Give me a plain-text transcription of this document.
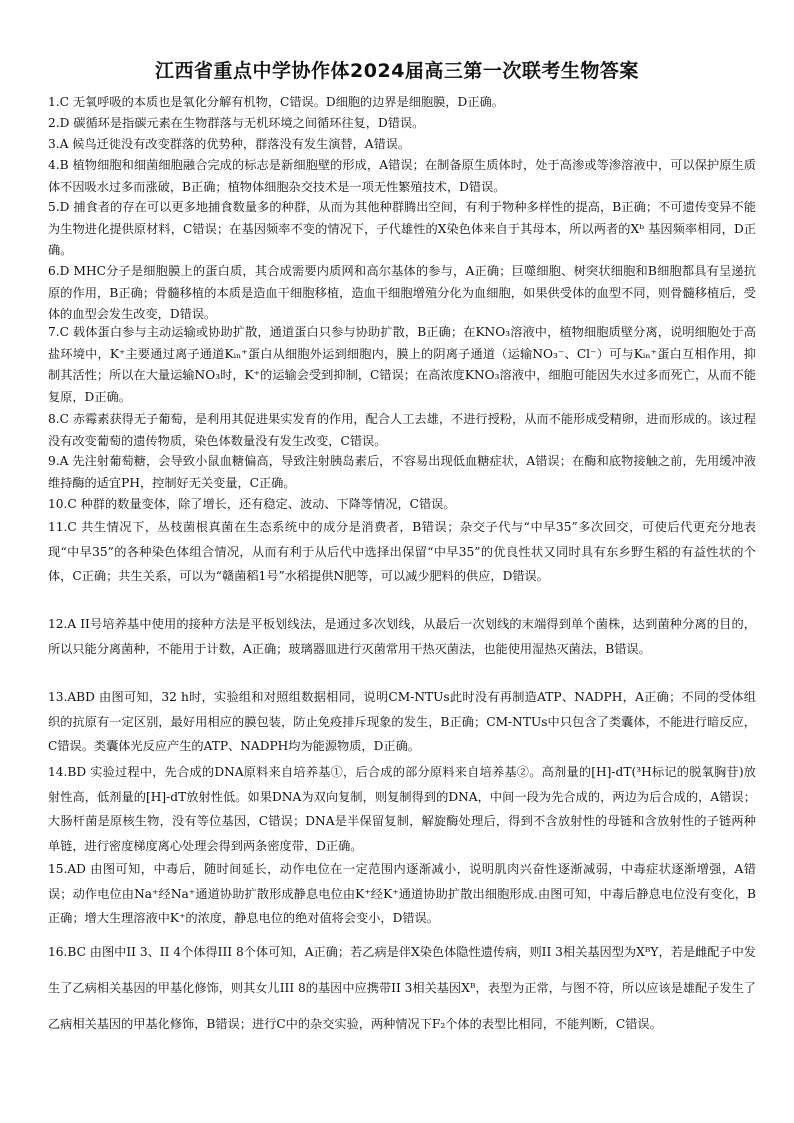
江西省重点中学协作体2024届高三第一次联考生物答案
1.C 无氧呼吸的本质也是氧化分解有机物，C错误。D细胞的边界是细胞膜，D正确。
2.D 碳循环是指碳元素在生物群落与无机环境之间循环往复，D错误。
3.A 候鸟迁徙没有改变群落的优势种，群落没有发生演替，A错误。
4.B 植物细胞和细菌细胞融合完成的标志是新细胞壁的形成，A错误；在制备原生质体时，处于高渗或等渗溶液中，可以保护原生质体不因吸水过多而涨破，B正确；植物体细胞杂交技术是一项无性繁殖技术，D错误。
5.D 捕食者的存在可以更多地捕食数量多的种群，从而为其他种群腾出空间，有利于物种多样性的提高，B正确；不可遗传变异不能为生物进化提供原材料，C错误；在基因频率不变的情况下，子代雄性的X染色体来自于其母本，所以两者的Xᵇ 基因频率相同，D正确。
6.D MHC分子是细胞膜上的蛋白质，其合成需要内质网和高尔基体的参与，A正确；巨噬细胞、树突状细胞和B细胞都具有呈递抗原的作用，B正确；骨髓移植的本质是造血干细胞移植，造血干细胞增殖分化为血细胞，如果供受体的血型不同，则骨髓移植后，受体的血型会发生改变，D错误。
7.C 载体蛋白参与主动运输或协助扩散，通道蛋白只参与协助扩散，B正确；在KNO₃溶液中，植物细胞质壁分离，说明细胞处于高盐环境中，K⁺主要通过离子通道Kᵢₙ⁺蛋白从细胞外运到细胞内，膜上的阴离子通道（运输NO₃⁻、Cl⁻）可与Kᵢₙ⁺蛋白互相作用，抑制其活性；所以在大量运输NO₃时，K⁺的运输会受到抑制，C错误；在高浓度KNO₃溶液中，细胞可能因失水过多而死亡，从而不能复原，D正确。
8.C 赤霉素获得无子葡萄，是利用其促进果实发育的作用，配合人工去雄，不进行授粉，从而不能形成受精卵，进而形成的。该过程没有改变葡萄的遗传物质，染色体数量没有发生改变，C错误。
9.A 先注射葡萄糖，会导致小鼠血糖偏高，导致注射胰岛素后，不容易出现低血糖症状，A错误；在酶和底物接触之前，先用缓冲液维持酶的适宜PH，控制好无关变量，C正确。
10.C 种群的数量变体，除了增长，还有稳定、波动、下降等情况，C错误。
11.C 共生情况下，丛枝菌根真菌在生态系统中的成分是消费者，B错误；杂交子代与“中早35”多次回交，可使后代更充分地表现“中早35”的各种染色体组合情况，从而有利于从后代中选择出保留“中早35”的优良性状又同时具有东乡野生稻的有益性状的个体，C正确；共生关系，可以为“赣菌稻1号”水稻提供N肥等，可以减少肥料的供应，D错误。
12.A II号培养基中使用的接种方法是平板划线法，是通过多次划线，从最后一次划线的末端得到单个菌株，达到菌种分离的目的，所以只能分离菌种，不能用于计数，A正确；玻璃器皿进行灭菌常用干热灭菌法，也能使用湿热灭菌法，B错误。
13.ABD 由图可知，32 h时，实验组和对照组数据相同，说明CM-NTUs此时没有再制造ATP、NADPH，A正确；不同的受体组织的抗原有一定区别，最好用相应的膜包装，防止免疫排斥现象的发生，B正确；CM-NTUs中只包含了类囊体，不能进行暗反应，C错误。类囊体光反应产生的ATP、NADPH均为能源物质，D正确。
14.BD 实验过程中，先合成的DNA原料来自培养基①，后合成的部分原料来自培养基②。高剂量的[H]-dT(³H标记的脱氧胸苷)放射性高，低剂量的[H]-dT放射性低。如果DNA为双向复制，则复制得到的DNA，中间一段为先合成的，两边为后合成的，A错误；大肠杆菌是原核生物，没有等位基因，C错误；DNA是半保留复制，解旋酶处理后，得到不含放射性的母链和含放射性的子链两种单链，进行密度梯度离心处理会得到两条密度带，D正确。
15.AD 由图可知，中毒后，随时间延长，动作电位在一定范围内逐渐减小，说明肌肉兴奋性逐渐减弱，中毒症状逐渐增强，A错误；动作电位由Na⁺经Na⁺通道协助扩散形成静息电位由K⁺经K⁺通道协助扩散出细胞形成.由图可知，中毒后静息电位没有变化，B正确；增大生理溶液中K⁺的浓度，静息电位的绝对值将会变小，D错误。
16.BC 由图中II 3、II 4个体得III 8个体可知，A正确；若乙病是伴X染色体隐性遗传病，则II 3相关基因型为XᴮY，若是雌配子中发生了乙病相关基因的甲基化修饰，则其女儿III 8的基因中应携带II 3相关基因Xᴮ，表型为正常，与图不符，所以应该是雄配子发生了乙病相关基因的甲基化修饰，B错误；进行C中的杂交实验，两种情况下F₂个体的表型比相同，不能判断，C错误。
